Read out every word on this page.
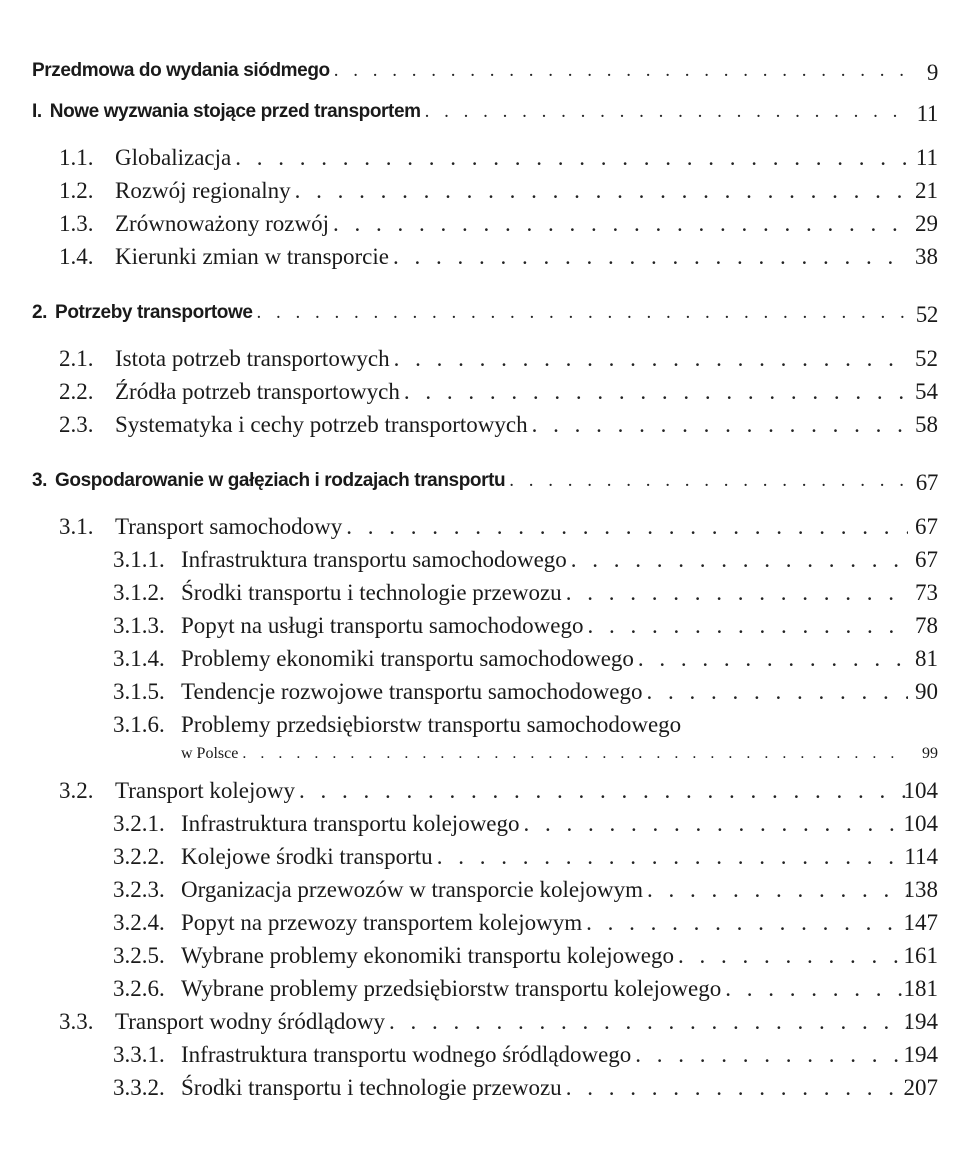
Przedmowa do wydania siódmego . . .	9
I. Nowe wyzwania stojące przed transportem . . .	11
1.1. Globalizacja . . .	11
1.2. Rozwój regionalny . . .	21
1.3. Zrównoważony rozwój . . .	29
1.4. Kierunki zmian w transporcie . . .	38
2. Potrzeby transportowe . . .	52
2.1. Istota potrzeb transportowych . . .	52
2.2. Źródła potrzeb transportowych . . .	54
2.3. Systematyka i cechy potrzeb transportowych . . .	58
3. Gospodarowanie w gałęziach i rodzajach transportu . . .	67
3.1. Transport samochodowy . . .	67
3.1.1. Infrastruktura transportu samochodowego . . .	67
3.1.2. Środki transportu i technologie przewozu . . .	73
3.1.3. Popyt na usługi transportu samochodowego . . .	78
3.1.4. Problemy ekonomiki transportu samochodowego . . .	81
3.1.5. Tendencje rozwojowe transportu samochodowego . . .	90
3.1.6. Problemy przedsiębiorstw transportu samochodowego
w Polsce . . .	99
3.2. Transport kolejowy . . .	104
3.2.1. Infrastruktura transportu kolejowego . . .	104
3.2.2. Kolejowe środki transportu . . .	114
3.2.3. Organizacja przewozów w transporcie kolejowym . . .	138
3.2.4. Popyt na przewozy transportem kolejowym . . .	147
3.2.5. Wybrane problemy ekonomiki transportu kolejowego . . .	161
3.2.6. Wybrane problemy przedsiębiorstw transportu kolejowego . . .	181
3.3. Transport wodny śródlądowy . . .	194
3.3.1. Infrastruktura transportu wodnego śródlądowego . . .	194
3.3.2. Środki transportu i technologie przewozu . . .	207
